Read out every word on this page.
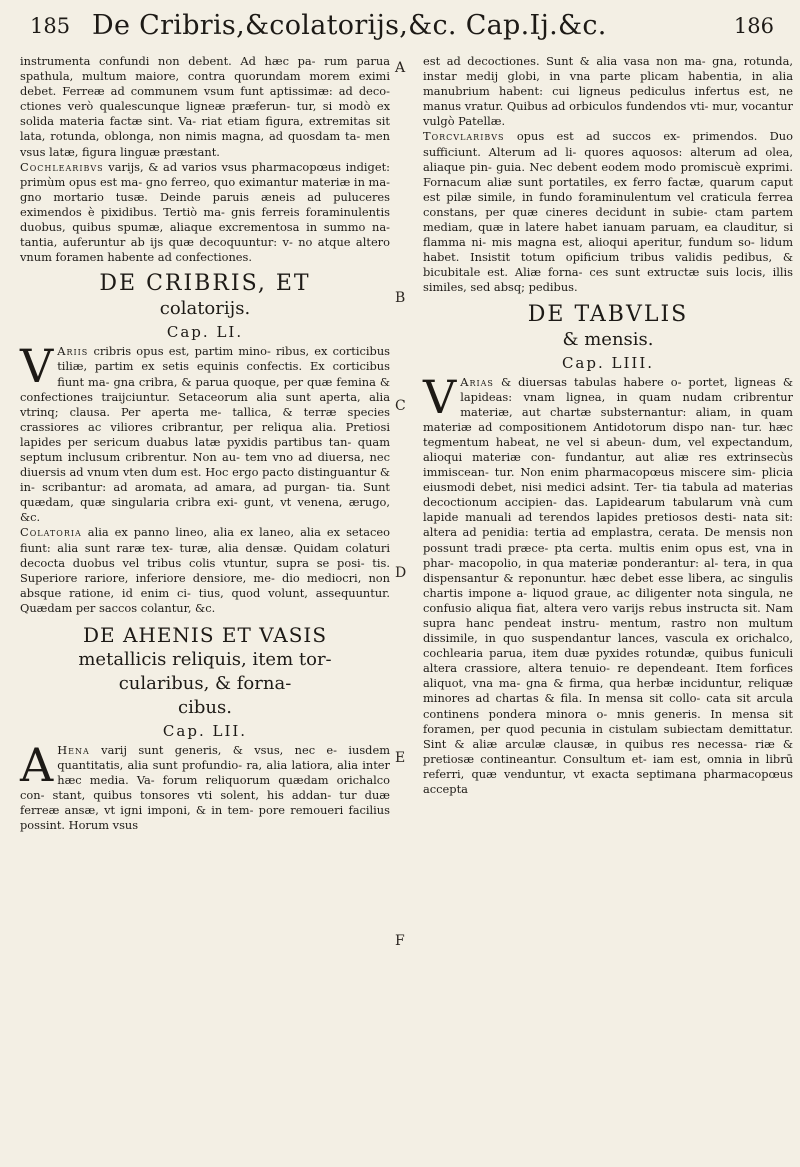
185 De Cribris,&colatorijs,&c. Cap.Ij.&c.	186
A
B
C
D
E
F

instrumenta confundi non debent. Ad hæc pa- rum parua spathula, multum maiore, contra quorundam morem eximi debet. Ferreæ ad communem vsum funt aptissimæ: ad deco- ctiones verò qualescunque ligneæ præferun- tur, si modò ex solida materia factæ sint. Va- riat etiam figura, extremitas sit lata, rotunda, oblonga, non nimis magna, ad quosdam ta- men vsus latæ, figura linguæ præstant.

Cochlearibvs varijs, & ad varios vsus pharmacopœus indiget: primùm opus est ma- gno ferreo, quo eximantur materiæ in ma- gno mortario tusæ. Deinde paruis æneis ad puluceres eximendos è pixidibus. Tertiò ma- gnis ferreis foraminulentis duobus, quibus spumæ, aliaque excrementosa in summo na- tantia, auferuntur ab ijs quæ decoquuntur: v- no atque altero vnum foramen habente ad confectiones.

DE CRIBRIS, ET
colatorijs.
Cap. LI.

V Ariis cribris opus est, partim mino- ribus, ex corticibus tiliæ, partim ex setis equinis confectis. Ex corticibus fiunt ma- gna cribra, & parua quoque, per quæ femina & confectiones traijciuntur. Setaceorum alia sunt aperta, alia vtrinq; clausa. Per aperta me- tallica, & terræ species crassiores ac viliores cribrantur, per reliqua alia. Pretiosi lapides per sericum duabus latæ pyxidis partibus tan- quam septum inclusum cribrentur. Non au- tem vno ad diuersa, nec diuersis ad vnum vten dum est. Hoc ergo pacto distinguantur & in- scribantur: ad aromata, ad amara, ad purgan- tia. Sunt quædam, quæ singularia cribra exi- gunt, vt venena, ærugo, &c.

Colatoria alia ex panno lineo, alia ex laneo, alia ex setaceo fiunt: alia sunt raræ tex- turæ, alia densæ. Quidam colaturi decocta duobus vel tribus colis vtuntur, supra se posi- tis. Superiore rariore, inferiore densiore, me- dio mediocri, non absque ratione, id enim ci- tius, quod volunt, assequuntur. Quædam per saccos colantur, &c.

DE AHENIS ET VASIS
metallicis reliquis, item tor-
cularibus, & forna-
cibus.
Cap. LII.

A Hena varij sunt generis, & vsus, nec e- iusdem quantitatis, alia sunt profundio- ra, alia latiora, alia inter hæc media. Va- forum reliquorum quædam orichalco con- stant, quibus tonsores vti solent, his addan- tur duæ ferreæ ansæ, vt igni imponi, & in tem- pore remoueri facilius possint. Horum vsus

est ad decoctiones. Sunt & alia vasa non ma- gna, rotunda, instar medij globi, in vna parte plicam habentia, in alia manubrium habent: cui ligneus pediculus infertus est, ne manus vratur. Quibus ad orbiculos fundendos vti- mur, vocantur vulgò Patellæ.

Torcvlaribvs opus est ad succos ex- primendos. Duo sufficiunt. Alterum ad li- quores aquosos: alterum ad olea, aliaque pin- guia. Nec debent eodem modo promiscuè exprimi. Fornacum aliæ sunt portatiles, ex ferro factæ, quarum caput est pilæ simile, in fundo foraminulentum vel craticula ferrea constans, per quæ cineres decidunt in subie- ctam partem mediam, quæ in latere habet ianuam paruam, ea clauditur, si flamma ni- mis magna est, alioqui aperitur, fundum so- lidum habet. Insistit totum opificium tribus validis pedibus, & bicubitale est. Aliæ forna- ces sunt extructæ suis locis, illis similes, sed absq; pedibus.

DE TABVLIS
& mensis.
Cap. LIII.

V Arias & diuersas tabulas habere o- portet, ligneas & lapideas: vnam lignea, in quam nudam cribrentur materiæ, aut chartæ substernantur: aliam, in quam materiæ ad compositionem Antidotorum dispo nan- tur. hæc tegmentum habeat, ne vel si abeun- dum, vel expectandum, alioqui materiæ con- fundantur, aut aliæ res extrinsecùs immiscean- tur. Non enim pharmacopœus miscere sim- plicia eiusmodi debet, nisi medici adsint. Ter- tia tabula ad materias decoctionum accipien- das. Lapidearum tabularum vnà cum lapide manuali ad terendos lapides pretiosos desti- nata sit: altera ad penidia: tertia ad emplastra, cerata. De mensis non possunt tradi præce- pta certa. multis enim opus est, vna in phar- macopolio, in qua materiæ ponderantur: al- tera, in qua dispensantur & reponuntur. hæc debet esse libera, ac singulis chartis impone a- liquod graue, ac diligenter nota singula, ne confusio aliqua fiat, altera vero varijs rebus instructa sit. Nam supra hanc pendeat instru- mentum, rastro non multum dissimile, in quo suspendantur lances, vascula ex orichalco, cochlearia parua, item duæ pyxides rotundæ, quibus funiculi altera crassiore, altera tenuio- re dependeant. Item forfices aliquot, vna ma- gna & firma, qua herbæ inciduntur, reliquæ minores ad chartas & fila. In mensa sit collo- cata sit arcula continens pondera minora o- mnis generis. In mensa sit foramen, per quod pecunia in cistulam subiectam demittatur. Sint & aliæ arculæ clausæ, in quibus res necessa- riæ & pretiosæ contineantur. Consultum et- iam est, omnia in librū referri, quæ venduntur, vt exacta septimana pharmacopœus accepta
